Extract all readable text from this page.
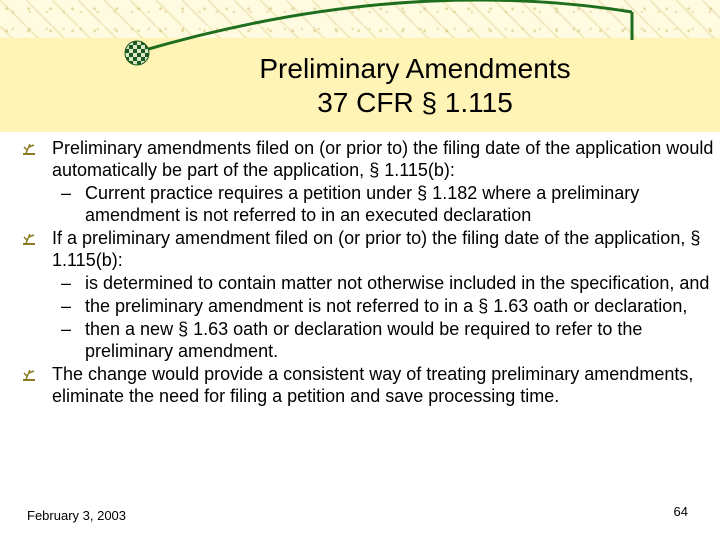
Preliminary Amendments
37 CFR § 1.115
Preliminary amendments filed on (or prior to) the filing date of the application would automatically be part of the application, § 1.115(b):
– Current practice requires a petition under § 1.182 where a preliminary amendment is not referred to in an executed declaration
If a preliminary amendment filed on (or prior to) the filing date of the application, § 1.115(b):
– is determined to contain matter not otherwise included in the specification, and
– the preliminary amendment is not referred to in a § 1.63 oath or declaration,
– then a new § 1.63 oath or declaration would be required to refer to the preliminary amendment.
The change would provide a consistent way of treating preliminary amendments, eliminate the need for filing a petition and save processing time.
February 3, 2003	64
